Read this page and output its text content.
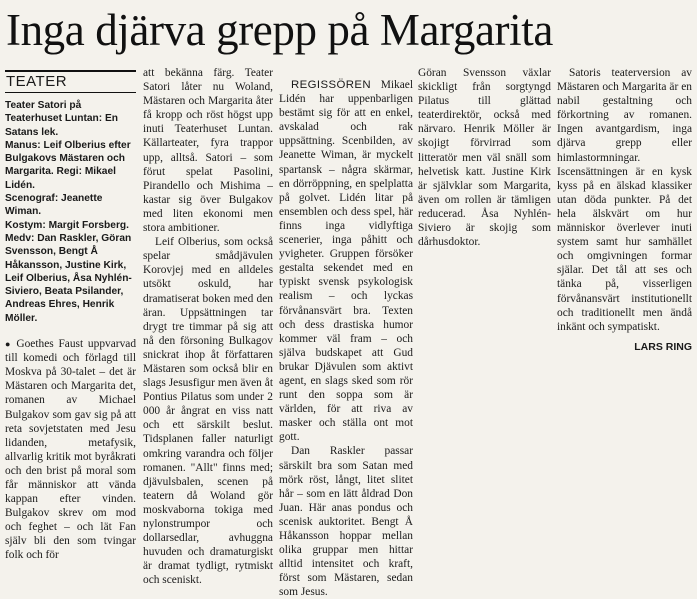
Inga djärva grepp på Margarita
TEATER
Teater Satori på Teaterhuset Luntan: En Satans lek.
Manus: Leif Olberius efter Bulgakovs Mästaren och Margarita. Regi: Mikael Lidén.
Scenograf: Jeanette Wiman.
Kostym: Margit Forsberg.
Medv: Dan Raskler, Göran Svensson, Bengt Å Håkansson, Justine Kirk, Leif Olberius, Åsa Nyhlén-Siviero, Beata Psilander, Andreas Ehres, Henrik Möller.

● Goethes Faust uppvarvad till komedi och förlagd till Moskva på 30-talet – det är Mästaren och Margarita det, romanen av Michael Bulgakov som gav sig på att reta sovjetstaten med Jesu lidanden, metafysik, allvarlig kritik mot byråkrati och den brist på moral som får människor att vända kappan efter vinden. Bulgakov skrev om mod och feghet – och lät Fan själv bli den som tvingar folk och för

att bekänna färg. Teater Satori låter nu Woland, Mästaren och Margarita åter få kropp och röst högst upp inuti Teaterhuset Luntan. Källarteater, fyra trappor upp, alltså. Satori – som förut spelat Pasolini, Pirandello och Mishima – kastar sig över Bulgakov med liten ekonomi men stora ambitioner.

Leif Olberius, som också spelar smådjävulen Korovjej med en alldeles utsökt oskuld, har dramatiserat boken med den äran. Uppsättningen tar drygt tre timmar på sig att nå den försoning Bulkagov snickrat ihop åt författaren Mästaren som också blir en slags Jesusfigur men även åt Pontius Pilatus som under 2 000 år ångrat en viss natt och ett särskilt beslut. Tidsplanen faller naturligt omkring varandra och följer romanen. "Allt" finns med; djävulsbalen, scenen på teatern då Woland gör moskvaborna tokiga med nylonstrumpor och dollarsedlar, avhuggna huvuden och dramaturgiskt är dramat tydligt, rytmiskt och sceniskt.

REGISSÖREN Mikael Lidén har uppenbarligen bestämt sig för att en enkel, avskalad och rak uppsättning. Scenbilden, av Jeanette Wiman, är myckelt spartansk – några skärmar, en dörröppning, en spelplatta på golvet. Lidén litar på ensemblen och dess spel, här finns inga vidlyftiga scenerier, inga påhitt och yvigheter. Gruppen försöker gestalta sekendet med en typiskt svensk psykologisk realism – och lyckas förvånansvärt bra. Texten och dess drastiska humor kommer väl fram – och själva budskapet att Gud brukar Djävulen som aktivt agent, en slags sked som rör runt den soppa som är världen, för att riva av masker och ställa ont mot gott.

Dan Raskler passar särskilt bra som Satan med mörk röst, långt, litet slitet hår – som en lätt åldrad Don Juan. Här anas pondus och scenisk auktoritet. Bengt Å Håkansson hoppar mellan olika gruppar men hittar alltid intensitet och kraft, först som Mästaren, sedan som Jesus.

Göran Svensson växlar skickligt från sorgtyngd Pilatus till glättad teaterdirektör, också med närvaro. Henrik Möller är skojigt förvirrad som litteratör men väl snäll som helvetisk katt. Justine Kirk är självklar som Margarita, även om rollen är tämligen reducerad. Åsa Nyhlén-Siviero är skojig som dårhusdoktor.

Satoris teaterversion av Mästaren och Margarita är en nabil gestaltning och förkortning av romanen. Ingen avantgardism, inga djärva grepp eller himlastormningar. Iscensättningen är en kysk kyss på en älskad klassiker utan döda punkter. På det hela älskvärt om hur människor överlever inuti system samt hur samhället och omgivningen formar själar. Det tål att ses och tänka på, visserligen förvånansvärt institutionellt och traditionellt men ändå inkänt och sympatiskt.

LARS RING
